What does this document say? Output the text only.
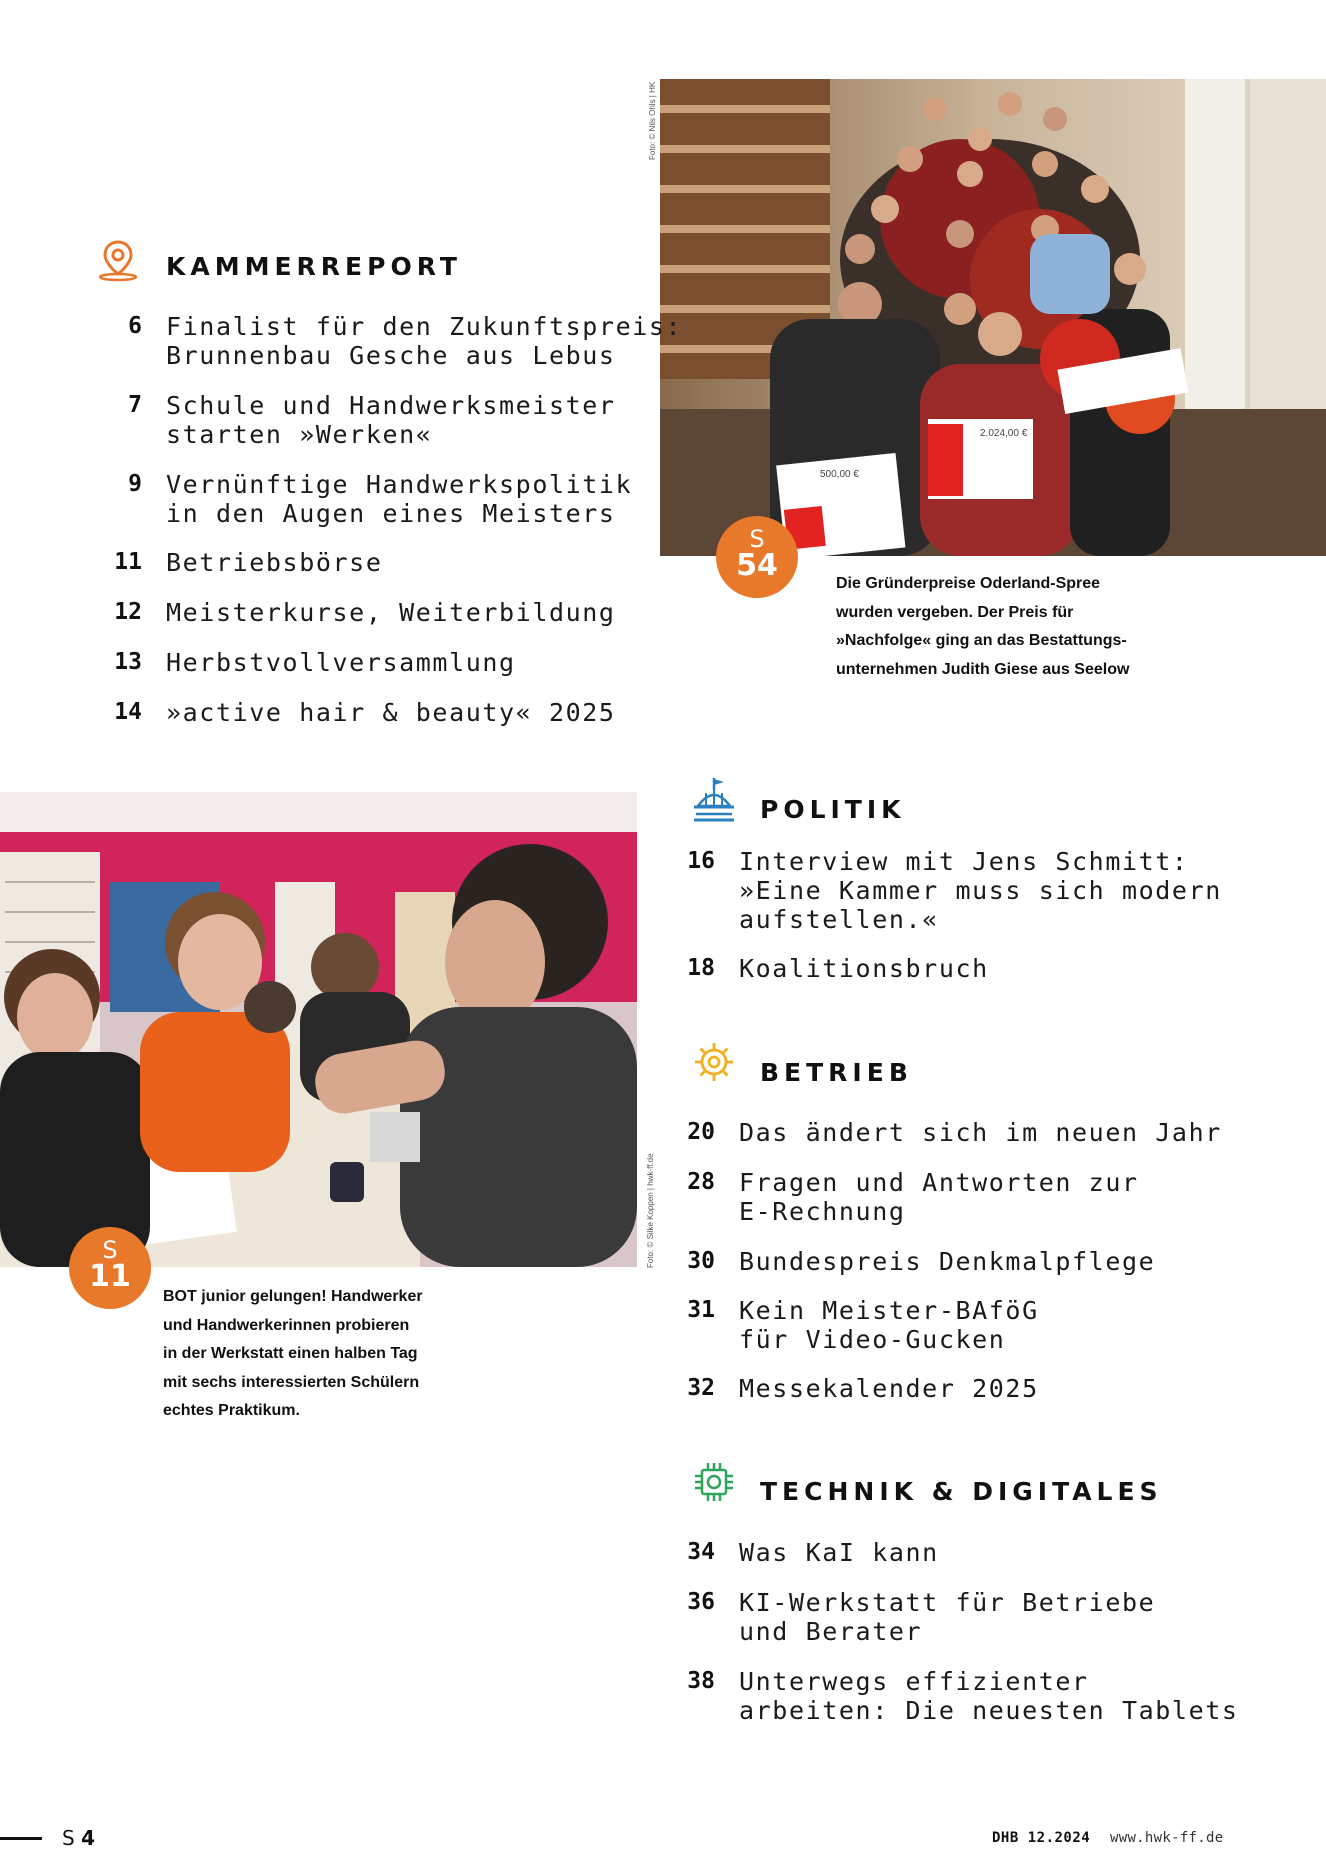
500,00 €
2.024,00 €
Foto: © Nils Ohls | HK
S
54
Die Gründerpreise Oderland-Spree
wurden vergeben. Der Preis für
»Nachfolge« ging an das Bestattungs-
unternehmen Judith Giese aus Seelow
KAMMERREPORT
6 Finalist für den Zukunftspreis:
Brunnenbau Gesche aus Lebus
7 Schule und Handwerksmeister
starten »Werken«
9 Vernünftige Handwerkspolitik
in den Augen eines Meisters
11 Betriebsbörse
12 Meisterkurse, Weiterbildung
13 Herbstvollversammlung
14 »active hair & beauty« 2025
Foto: © Silke Koppen | hwk-ff.de
S
11
BOT junior gelungen! Handwerker
und Handwerkerinnen probieren
in der Werkstatt einen halben Tag
mit sechs interessierten Schülern
echtes Praktikum.
POLITIK
16 Interview mit Jens Schmitt:
»Eine Kammer muss sich modern
aufstellen.«
18 Koalitionsbruch
BETRIEB
20 Das ändert sich im neuen Jahr
28 Fragen und Antworten zur
E-Rechnung
30 Bundespreis Denkmalpflege
31 Kein Meister-BAföG
für Video-Gucken
32 Messekalender 2025
TECHNIK & DIGITALES
34 Was KaI kann
36 KI-Werkstatt für Betriebe
und Berater
38 Unterwegs effizienter
arbeiten: Die neuesten Tablets
S 4	DHB 12.2024 www.hwk-ff.de
